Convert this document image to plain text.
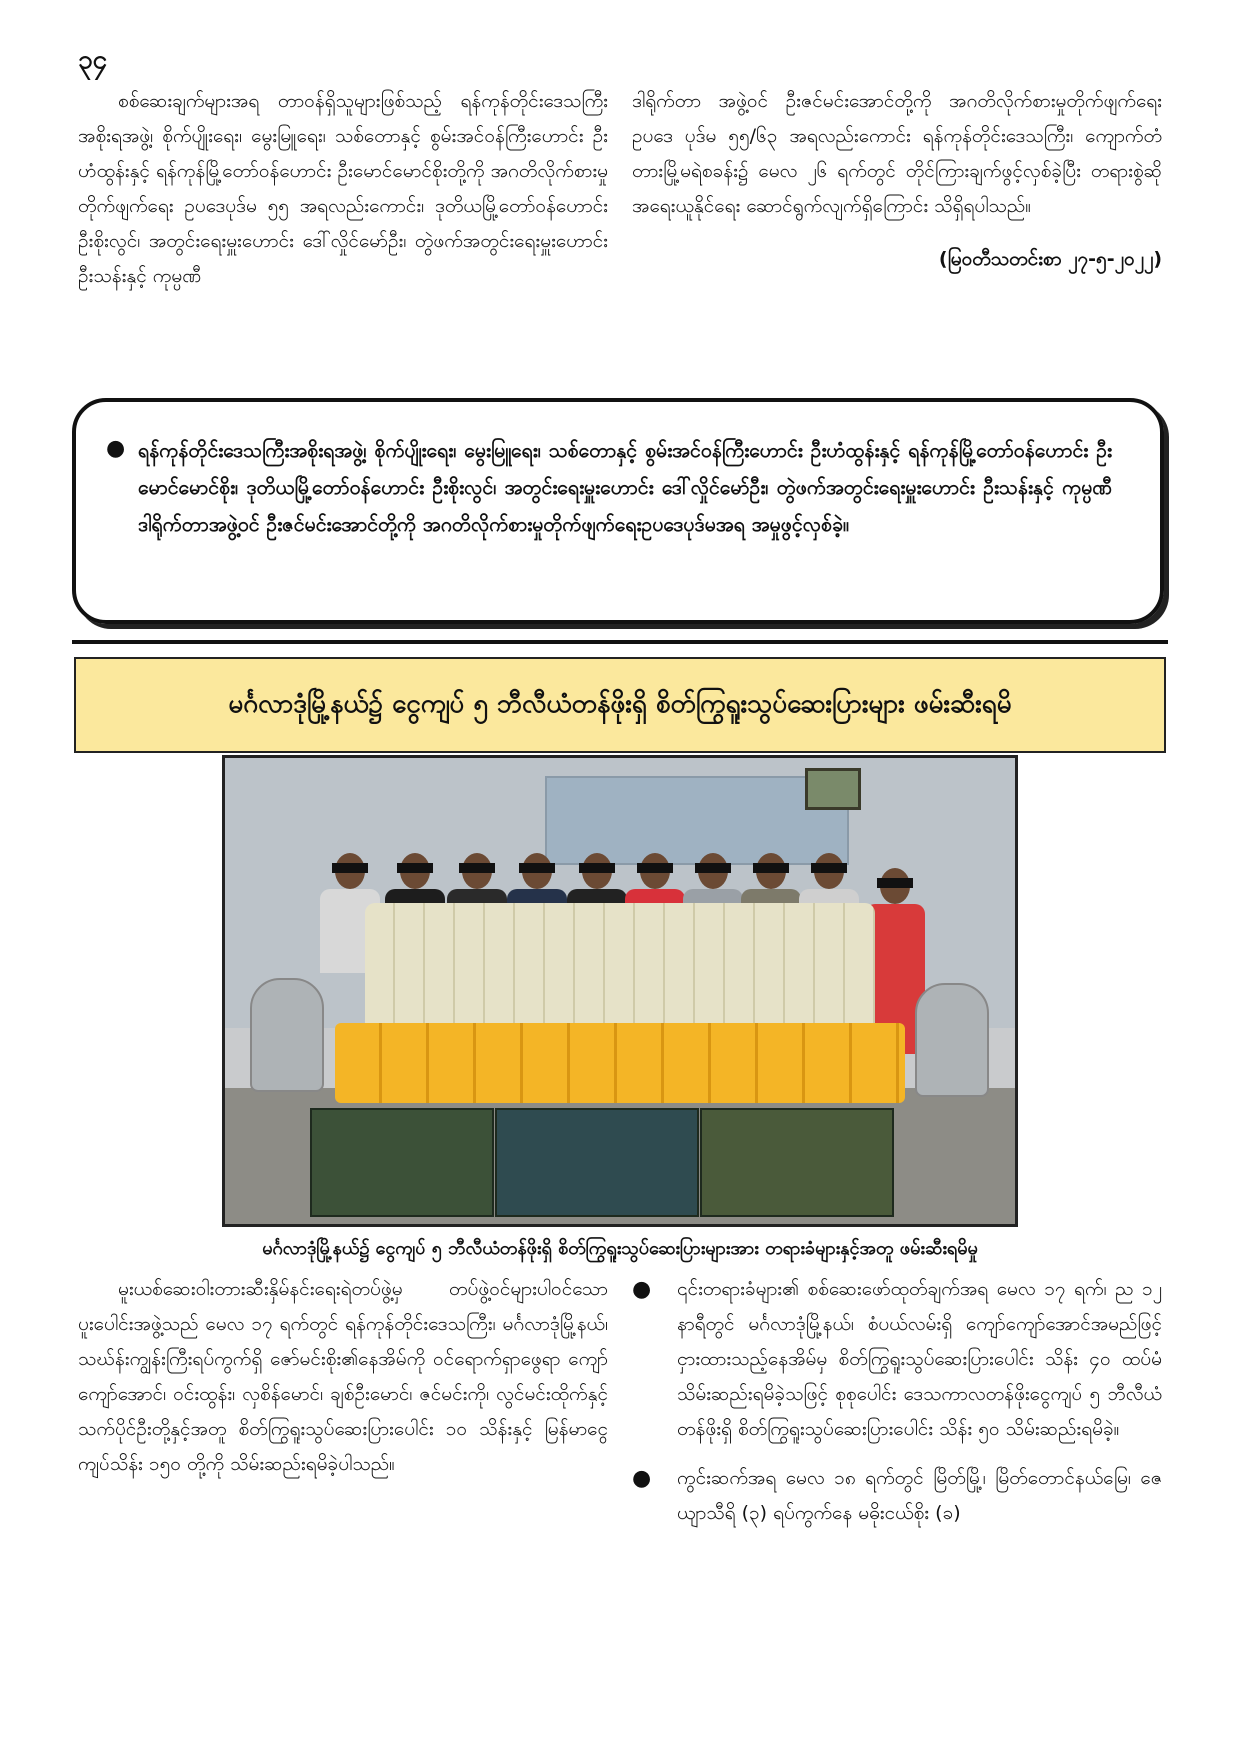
၃၄

စစ်ဆေးချက်များအရ တာဝန်ရှိသူများဖြစ်သည့် ရန်ကုန်တိုင်းဒေသကြီးအစိုးရအဖွဲ့၊ စိုက်ပျိုးရေး၊ မွေးမြူရေး၊ သစ်တောနှင့် စွမ်းအင်ဝန်ကြီးဟောင်း ဦးဟံထွန်းနှင့် ရန်ကုန်မြို့တော်ဝန်ဟောင်း ဦးမောင်မောင်စိုးတို့ကို အဂတိလိုက်စားမှုတိုက်ဖျက်ရေး ဥပဒေပုဒ်မ ၅၅ အရလည်းကောင်း၊ ဒုတိယမြို့တော်ဝန်ဟောင်း ဦးစိုးလွင်၊ အတွင်းရေးမှူးဟောင်း ဒေါ်လှိုင်မော်ဦး၊ တွဲဖက်အတွင်းရေးမှူးဟောင်း ဦးသန်းနှင့် ကုမ္ပဏီ

ဒါရိုက်တာ အဖွဲ့ဝင် ဦးဇင်မင်းအောင်တို့ကို အဂတိလိုက်စားမှုတိုက်ဖျက်ရေးဥပဒေ ပုဒ်မ ၅၅/၆၃ အရလည်းကောင်း ရန်ကုန်တိုင်းဒေသကြီး၊ ကျောက်တံတားမြို့မရဲစခန်း၌ မေလ ၂၆ ရက်တွင် တိုင်ကြားချက်ဖွင့်လှစ်ခဲ့ပြီး တရားစွဲဆိုအရေးယူနိုင်ရေး ဆောင်ရွက်လျက်ရှိကြောင်း သိရှိရပါသည်။

(မြဝတီသတင်းစာ ၂၇-၅-၂၀၂၂)

● ရန်ကုန်တိုင်းဒေသကြီးအစိုးရအဖွဲ့၊ စိုက်ပျိုးရေး၊ မွေးမြူရေး၊ သစ်တောနှင့် စွမ်းအင်ဝန်ကြီးဟောင်း ဦးဟံထွန်းနှင့် ရန်ကုန်မြို့တော်ဝန်ဟောင်း ဦးမောင်မောင်စိုး၊ ဒုတိယမြို့တော်ဝန်ဟောင်း ဦးစိုးလွင်၊ အတွင်းရေးမှူးဟောင်း ဒေါ်လှိုင်မော်ဦး၊ တွဲဖက်အတွင်းရေးမှူးဟောင်း ဦးသန်းနှင့် ကုမ္ပဏီဒါရိုက်တာအဖွဲ့ဝင် ဦးဇင်မင်းအောင်တို့ကို အဂတိလိုက်စားမှုတိုက်ဖျက်ရေးဥပဒေပုဒ်မအရ အမှုဖွင့်လှစ်ခဲ့။

မင်္ဂလာဒုံမြို့နယ်၌ ငွေကျပ် ၅ ဘီလီယံတန်ဖိုးရှိ စိတ်ကြွရူးသွပ်ဆေးပြားများ ဖမ်းဆီးရမိ
မင်္ဂလာဒုံမြို့နယ်၌ ငွေကျပ် ၅ ဘီလီယံတန်ဖိုးရှိ စိတ်ကြွရူးသွပ်ဆေးပြားများအား တရားခံများနှင့်အတူ ဖမ်းဆီးရမိမှု

မူးယစ်ဆေးဝါးတားဆီးနှိမ်နင်းရေးရဲတပ်ဖွဲ့မှ တပ်ဖွဲ့ဝင်များပါဝင်သော ပူးပေါင်းအဖွဲ့သည် မေလ ၁၇ ရက်တွင် ရန်ကုန်တိုင်းဒေသကြီး၊ မင်္ဂလာဒုံမြို့နယ်၊ သဃ်န်းကျွန်းကြီးရပ်ကွက်ရှိ ဇော်မင်းစိုး၏နေအိမ်ကို ဝင်ရောက်ရှာဖွေရာ ကျော်ကျော်အောင်၊ ဝင်းထွန်း၊ လှစိန်မောင်၊ ချစ်ဦးမောင်၊ ဇင်မင်းကို၊ လွင်မင်းထိုက်နှင့် သက်ပိုင်ဦးတို့နှင့်အတူ စိတ်ကြွရူးသွပ်ဆေးပြားပေါင်း ၁၀ သိန်းနှင့် မြန်မာငွေကျပ်သိန်း ၁၅၀ တို့ကို သိမ်းဆည်းရမိခဲ့ပါသည်။

● ၎င်းတရားခံများ၏ စစ်ဆေးဖော်ထုတ်ချက်အရ မေလ ၁၇ ရက်၊ ည ၁၂ နာရီတွင် မင်္ဂလာဒုံမြို့နယ်၊ စံပယ်လမ်းရှိ ကျော်ကျော်အောင်အမည်ဖြင့် ငှားထားသည့်နေအိမ်မှ စိတ်ကြွရူးသွပ်ဆေးပြားပေါင်း သိန်း ၄၀ ထပ်မံသိမ်းဆည်းရမိခဲ့သဖြင့် စုစုပေါင်း ဒေသကာလတန်ဖိုးငွေကျပ် ၅ ဘီလီယံတန်ဖိုးရှိ စိတ်ကြွရူးသွပ်ဆေးပြားပေါင်း သိန်း ၅၀ သိမ်းဆည်းရမိခဲ့။

● ကွင်းဆက်အရ မေလ ၁၈ ရက်တွင် မြိတ်မြို့၊ မြိတ်တောင်နယ်မြေ၊ ဇေယျာသီရိ (၃) ရပ်ကွက်နေ မဓိုးငယ်စိုး (ခ)
